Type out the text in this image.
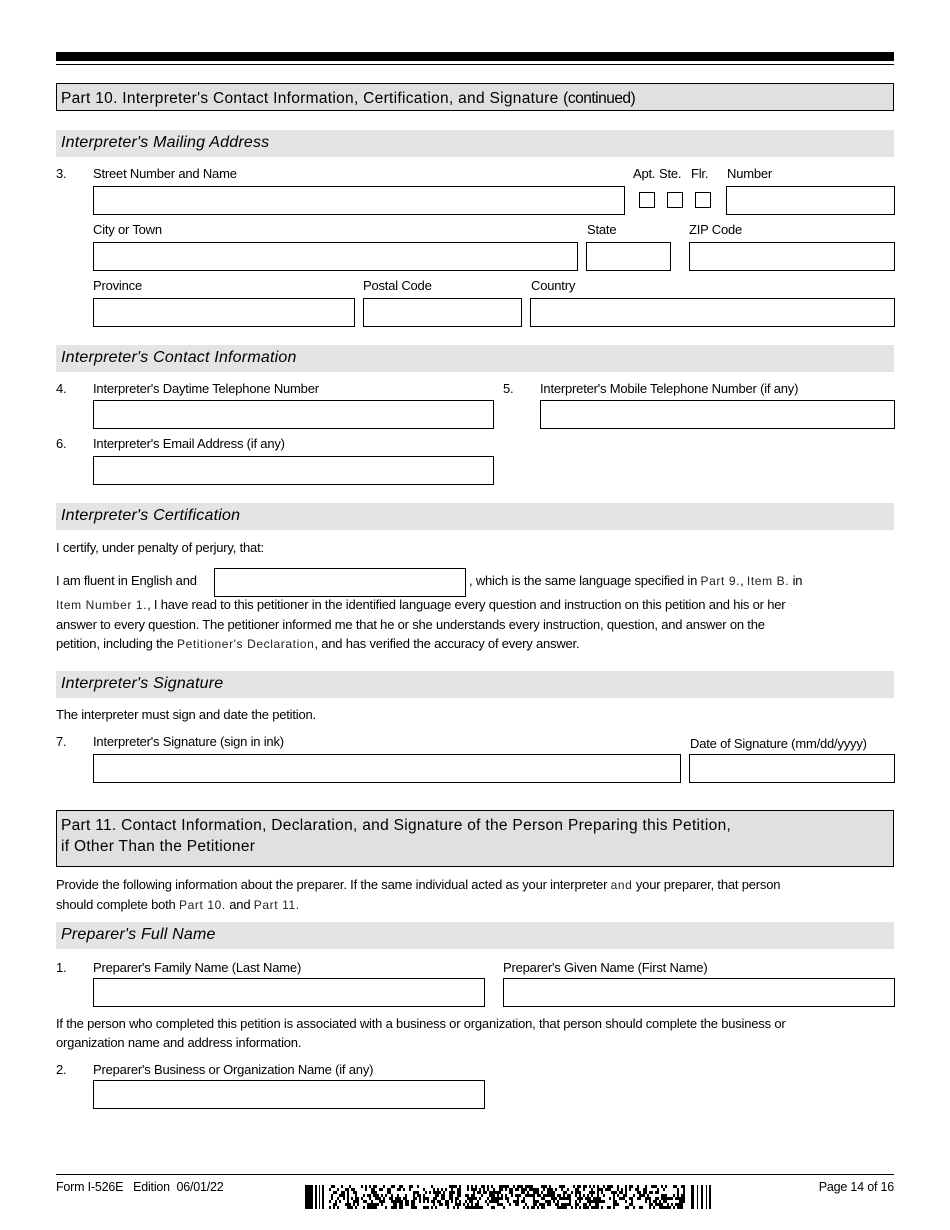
Part 10. Interpreter's Contact Information, Certification, and Signature (continued)
Interpreter's Mailing Address
3. Street Number and Name	Apt. Ste. Flr. Number
City or Town	State	ZIP Code
Province	Postal Code	Country
Interpreter's Contact Information
4. Interpreter's Daytime Telephone Number	5. Interpreter's Mobile Telephone Number (if any)
6. Interpreter's Email Address (if any)
Interpreter's Certification
I certify, under penalty of perjury, that:
I am fluent in English and	, which is the same language specified in Part 9., Item B. in
Item Number 1., I have read to this petitioner in the identified language every question and instruction on this petition and his or her
answer to every question. The petitioner informed me that he or she understands every instruction, question, and answer on the
petition, including the Petitioner's Declaration, and has verified the accuracy of every answer.
Interpreter's Signature
The interpreter must sign and date the petition.
7. Interpreter's Signature (sign in ink)	Date of Signature (mm/dd/yyyy)
Part 11. Contact Information, Declaration, and Signature of the Person Preparing this Petition,
if Other Than the Petitioner
Provide the following information about the preparer. If the same individual acted as your interpreter and your preparer, that person
should complete both Part 10. and Part 11.
Preparer's Full Name
1. Preparer's Family Name (Last Name)	Preparer's Given Name (First Name)
If the person who completed this petition is associated with a business or organization, that person should complete the business or
organization name and address information.
2. Preparer's Business or Organization Name (if any)
Form I-526E   Edition  06/01/22	Page 14 of 16
